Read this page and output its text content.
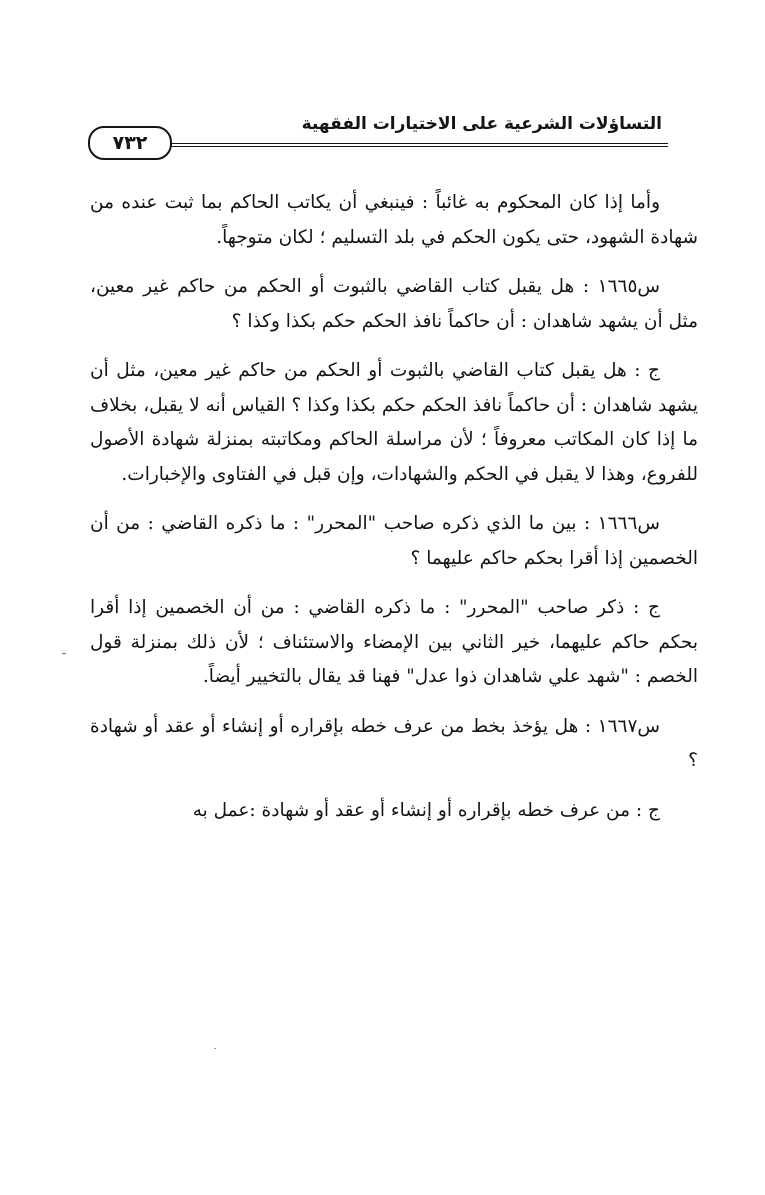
٧٣٢
التساؤلات الشرعية على الاختيارات الفقهية

وأما إذا كان المحكوم به غائباً : فينبغي أن يكاتب الحاكم بما ثبت عنده من شهادة الشهود، حتى يكون الحكم في بلد التسليم ؛ لكان متوجهاً.

س١٦٦٥ : هل يقبل كتاب القاضي بالثبوت أو الحكم من حاكم غير معين، مثل أن يشهد شاهدان : أن حاكماً نافذ الحكم حكم بكذا وكذا ؟

ج : هل يقبل كتاب القاضي بالثبوت أو الحكم من حاكم غير معين، مثل أن يشهد شاهدان : أن حاكماً نافذ الحكم حكم بكذا وكذا ؟ القياس أنه لا يقبل، بخلاف ما إذا كان المكاتب معروفاً ؛ لأن مراسلة الحاكم ومكاتبته بمنزلة شهادة الأصول للفروع، وهذا لا يقبل في الحكم والشهادات، وإن قبل في الفتاوى والإخبارات.

س١٦٦٦ : بين ما الذي ذكره صاحب "المحرر" : ما ذكره القاضي : من أن الخصمين إذا أقرا بحكم حاكم عليهما ؟

ج : ذكر صاحب "المحرر" : ما ذكره القاضي : من أن الخصمين إذا أقرا بحكم حاكم عليهما، خير الثاني بين الإمضاء والاستئناف ؛ لأن ذلك بمنزلة قول الخصم : "شهد علي شاهدان ذوا عدل" فهنا قد يقال بالتخيير أيضاً.

س١٦٦٧ : هل يؤخذ بخط من عرف خطه بإقراره أو إنشاء أو عقد أو شهادة ؟

ج : من عرف خطه بإقراره أو إنشاء أو عقد أو شهادة :عمل به
